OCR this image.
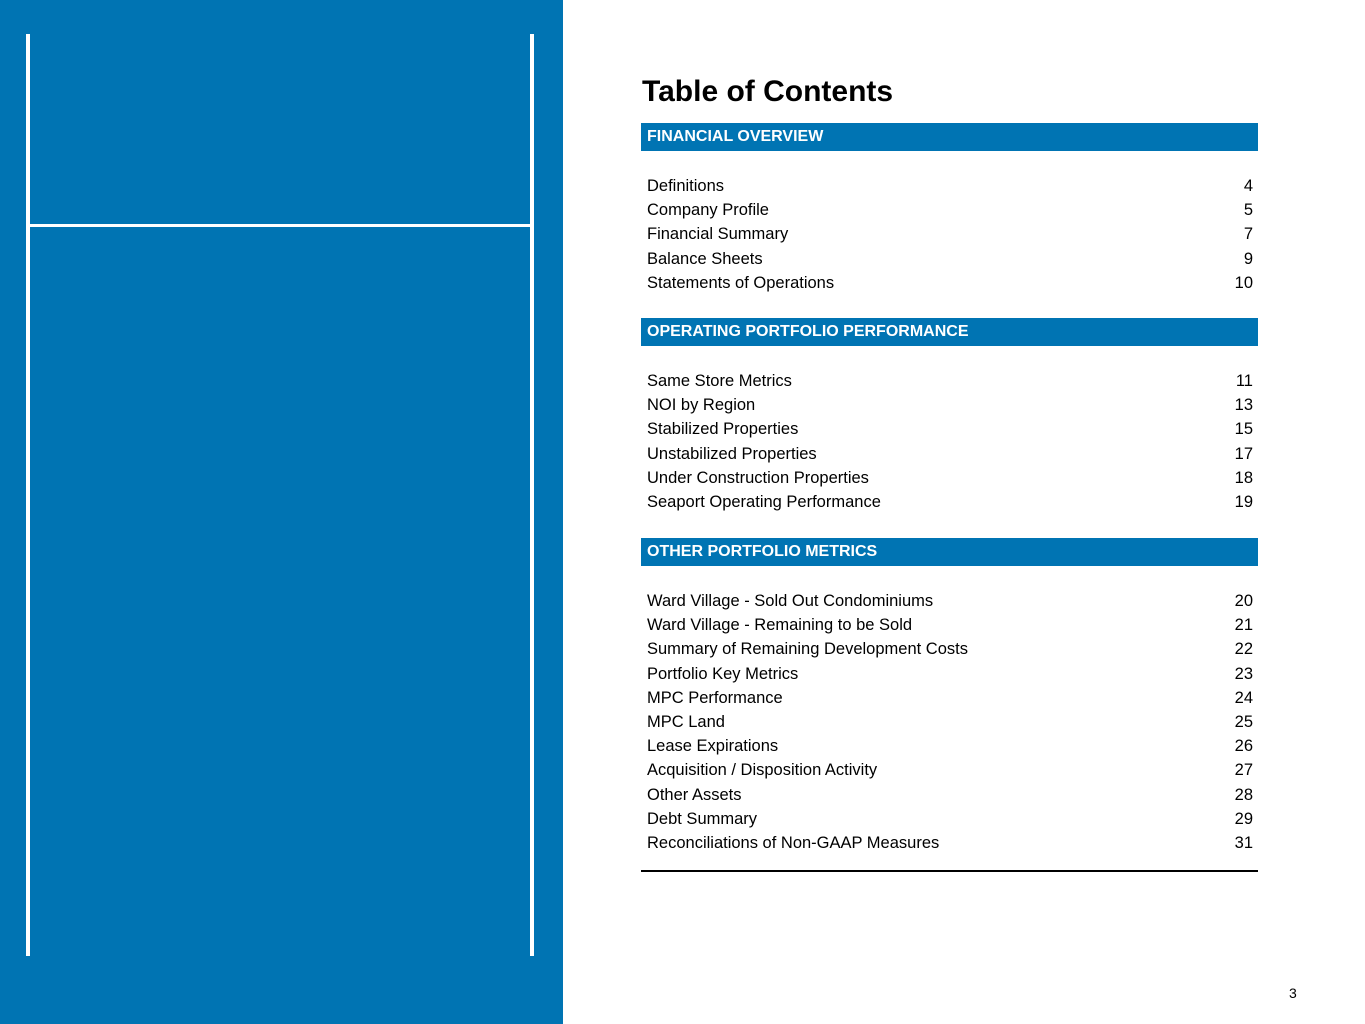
Table of Contents
FINANCIAL OVERVIEW
Definitions	4
Company Profile	5
Financial Summary	7
Balance Sheets	9
Statements of Operations	10
OPERATING PORTFOLIO PERFORMANCE
Same Store Metrics	11
NOI by Region	13
Stabilized Properties	15
Unstabilized Properties	17
Under Construction Properties	18
Seaport Operating Performance	19
OTHER PORTFOLIO METRICS
Ward Village - Sold Out Condominiums	20
Ward Village - Remaining to be Sold	21
Summary of Remaining Development Costs	22
Portfolio Key Metrics	23
MPC Performance	24
MPC Land	25
Lease Expirations	26
Acquisition / Disposition Activity	27
Other Assets	28
Debt Summary	29
Reconciliations of Non-GAAP Measures	31
3
